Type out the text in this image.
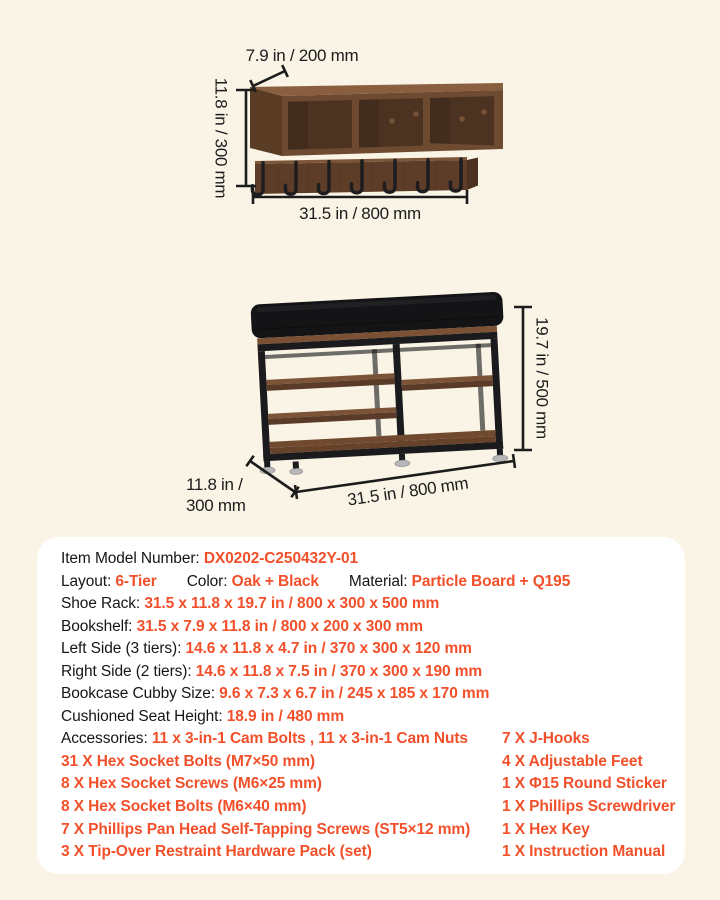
7.9 in / 200 mm
11.8 in / 300 mm
31.5 in / 800 mm
19.7 in / 500 mm
11.8 in /
300 mm	31.5 in / 800 mm
Item Model Number: DX0202-C250432Y-01
Layout: 6-Tier Color: Oak + Black Material: Particle Board + Q195
Shoe Rack: 31.5 x 11.8 x 19.7 in / 800 x 300 x 500 mm
Bookshelf: 31.5 x 7.9 x 11.8 in / 800 x 200 x 300 mm
Left Side (3 tiers): 14.6 x 11.8 x 4.7 in / 370 x 300 x 120 mm
Right Side (2 tiers): 14.6 x 11.8 x 7.5 in / 370 x 300 x 190 mm
Bookcase Cubby Size: 9.6 x 7.3 x 6.7 in / 245 x 185 x 170 mm
Cushioned Seat Height: 18.9 in / 480 mm
Accessories: 11 x 3-in-1 Cam Bolts , 11 x 3-in-1 Cam Nuts	7 X J-Hooks
31 X Hex Socket Bolts (M7×50 mm)	4 X Adjustable Feet
8 X Hex Socket Screws (M6×25 mm)	1 X Φ15 Round Sticker
8 X Hex Socket Bolts (M6×40 mm)	1 X Phillips Screwdriver
7 X Phillips Pan Head Self-Tapping Screws (ST5×12 mm)	1 X Hex Key
3 X Tip-Over Restraint Hardware Pack (set)	1 X Instruction Manual
